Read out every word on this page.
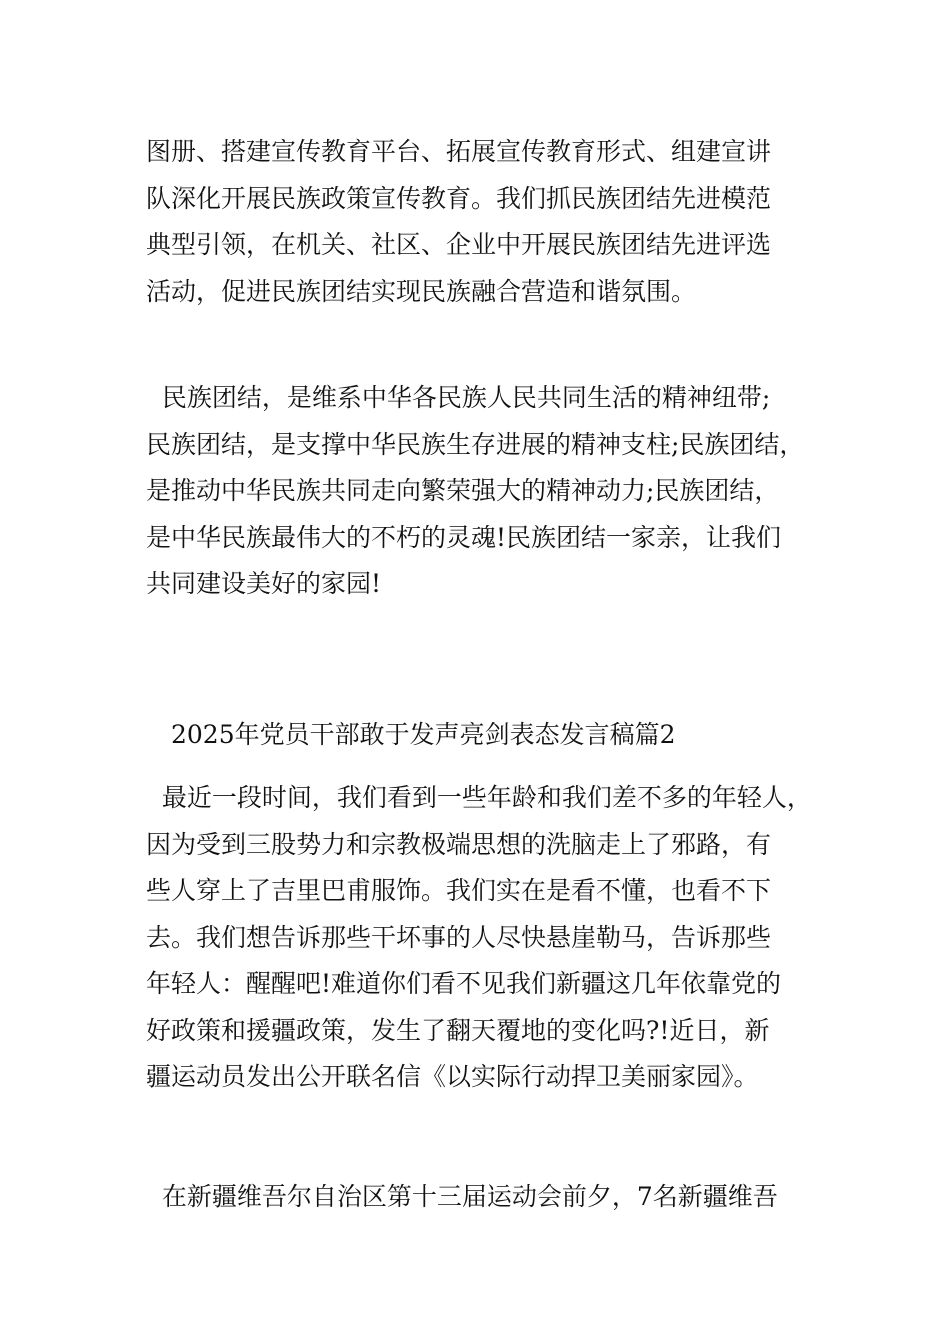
图册、搭建宣传教育平台、拓展宣传教育形式、组建宣讲
队深化开展民族政策宣传教育。我们抓民族团结先进模范
典型引领，在机关、社区、企业中开展民族团结先进评选
活动，促进民族团结实现民族融合营造和谐氛围。

民族团结，是维系中华各民族人民共同生活的精神纽带;
民族团结，是支撑中华民族生存进展的精神支柱;民族团结，
是推动中华民族共同走向繁荣强大的精神动力;民族团结，
是中华民族最伟大的不朽的灵魂!民族团结一家亲，让我们
共同建设美好的家园!

2025年党员干部敢于发声亮剑表态发言稿篇2

最近一段时间，我们看到一些年龄和我们差不多的年轻人，
因为受到三股势力和宗教极端思想的洗脑走上了邪路，有
些人穿上了吉里巴甫服饰。我们实在是看不懂，也看不下
去。我们想告诉那些干坏事的人尽快悬崖勒马，告诉那些
年轻人：醒醒吧!难道你们看不见我们新疆这几年依靠党的
好政策和援疆政策，发生了翻天覆地的变化吗?!近日，新
疆运动员发出公开联名信《以实际行动捍卫美丽家园》。

在新疆维吾尔自治区第十三届运动会前夕，7名新疆维吾
